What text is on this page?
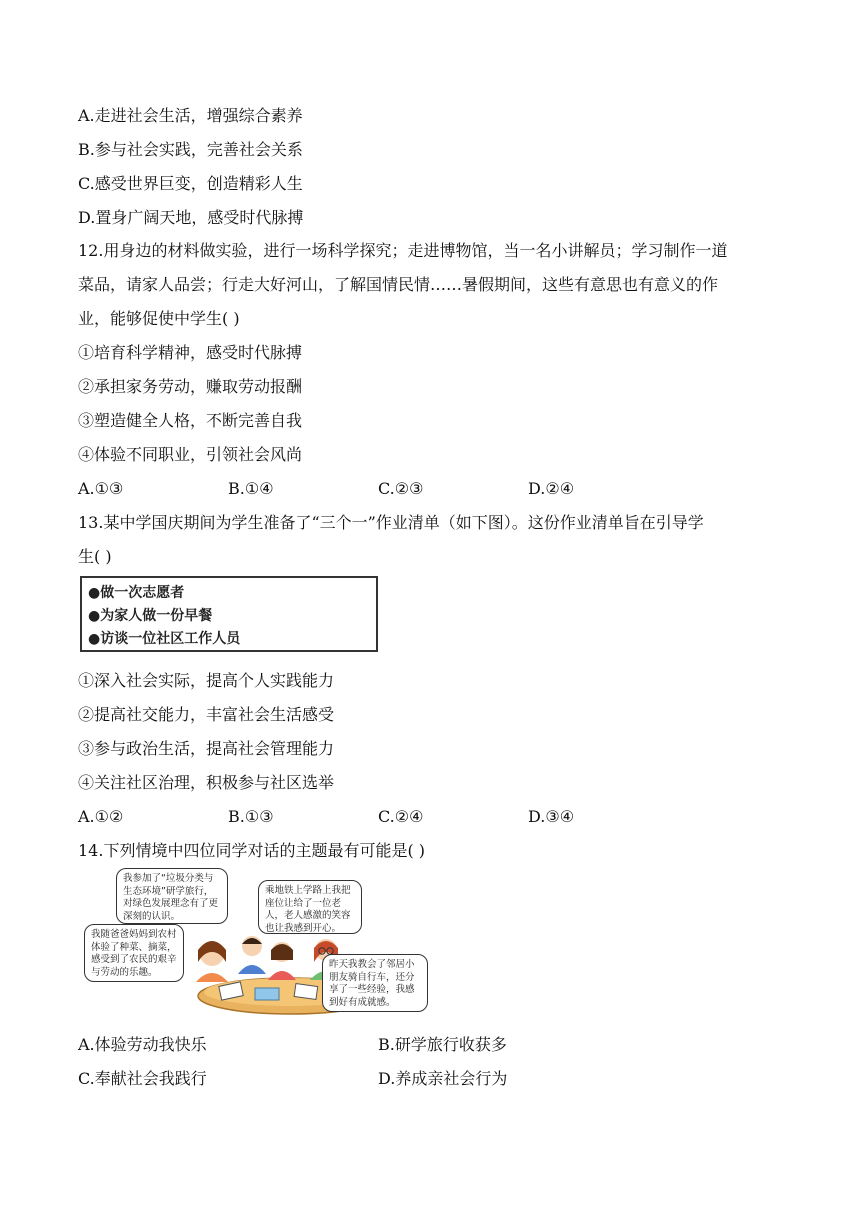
A.走进社会生活，增强综合素养
B.参与社会实践，完善社会关系
C.感受世界巨变，创造精彩人生
D.置身广阔天地，感受时代脉搏
12.用身边的材料做实验，进行一场科学探究；走进博物馆，当一名小讲解员；学习制作一道
菜品，请家人品尝；行走大好河山，了解国情民情……暑假期间，这些有意思也有意义的作
业，能够促使中学生( )
①培育科学精神，感受时代脉搏
②承担家务劳动，赚取劳动报酬
③塑造健全人格，不断完善自我
④体验不同职业，引领社会风尚
A.①③	B.①④	C.②③	D.②④
13.某中学国庆期间为学生准备了“三个一”作业清单（如下图）。这份作业清单旨在引导学
生( )
●做一次志愿者
●为家人做一份早餐
●访谈一位社区工作人员
①深入社会实际，提高个人实践能力
②提高社交能力，丰富社会生活感受
③参与政治生活，提高社会管理能力
④关注社区治理，积极参与社区选举
A.①②	B.①③	C.②④	D.③④
14.下列情境中四位同学对话的主题最有可能是( )
我参加了“垃圾分类与生态环境”研学旅行，对绿色发展理念有了更深刻的认识。
乘地铁上学路上我把座位让给了一位老人，老人感激的笑容也让我感到开心。
我随爸爸妈妈到农村体验了种菜、摘菜，感受到了农民的艰辛与劳动的乐趣。
昨天我教会了邻居小朋友骑自行车，还分享了一些经验，我感到好有成就感。
A.体验劳动我快乐	B.研学旅行收获多
C.奉献社会我践行	D.养成亲社会行为
